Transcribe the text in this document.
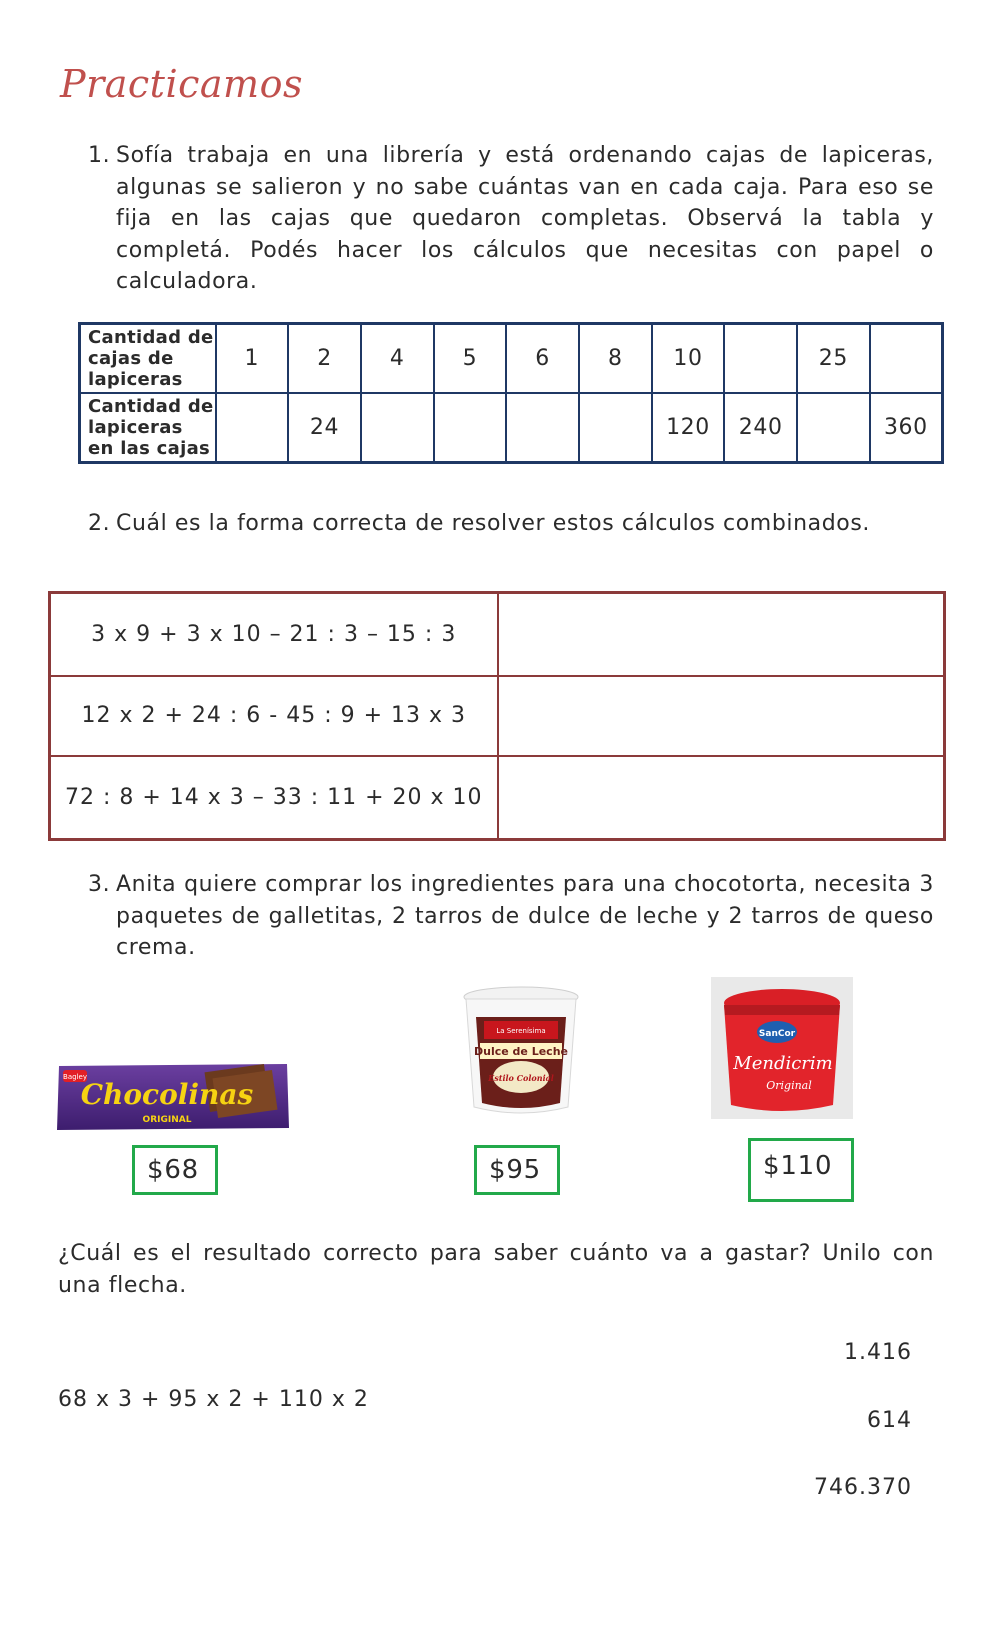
Practicamos
1. Sofía trabaja en una librería y está ordenando cajas de lapiceras, algunas se salieron y no sabe cuántas van en cada caja. Para eso se fija en las cajas que quedaron completas. Observá la tabla y completá. Podés hacer los cálculos que necesitas con papel o calculadora.
Cantidad de cajas de lapiceras	1	2	4	5	6	8	10		25	
Cantidad de lapiceras en las cajas		24					120	240		360
2. Cuál es la forma correcta de resolver estos cálculos combinados.
3 x 9 + 3 x 10 – 21 : 3 – 15 : 3	
12 x 2 + 24 : 6 - 45 : 9 + 13 x 3	
72 : 8 + 14 x 3 – 33 : 11 + 20 x 10	
3. Anita quiere comprar los ingredientes para una chocotorta, necesita 3 paquetes de galletitas, 2 tarros de dulce de leche y 2 tarros de queso crema.
Bagley
Chocolinas
ORIGINAL
La Serenísima
Dulce de Leche
Estilo Colonial
SanCor
Mendicrim
Original
$68	$95	$110
¿Cuál es el resultado correcto para saber cuánto va a gastar? Unilo con una flecha.
68 x 3 + 95 x 2 + 110 x 2
1.416
614
746.370
